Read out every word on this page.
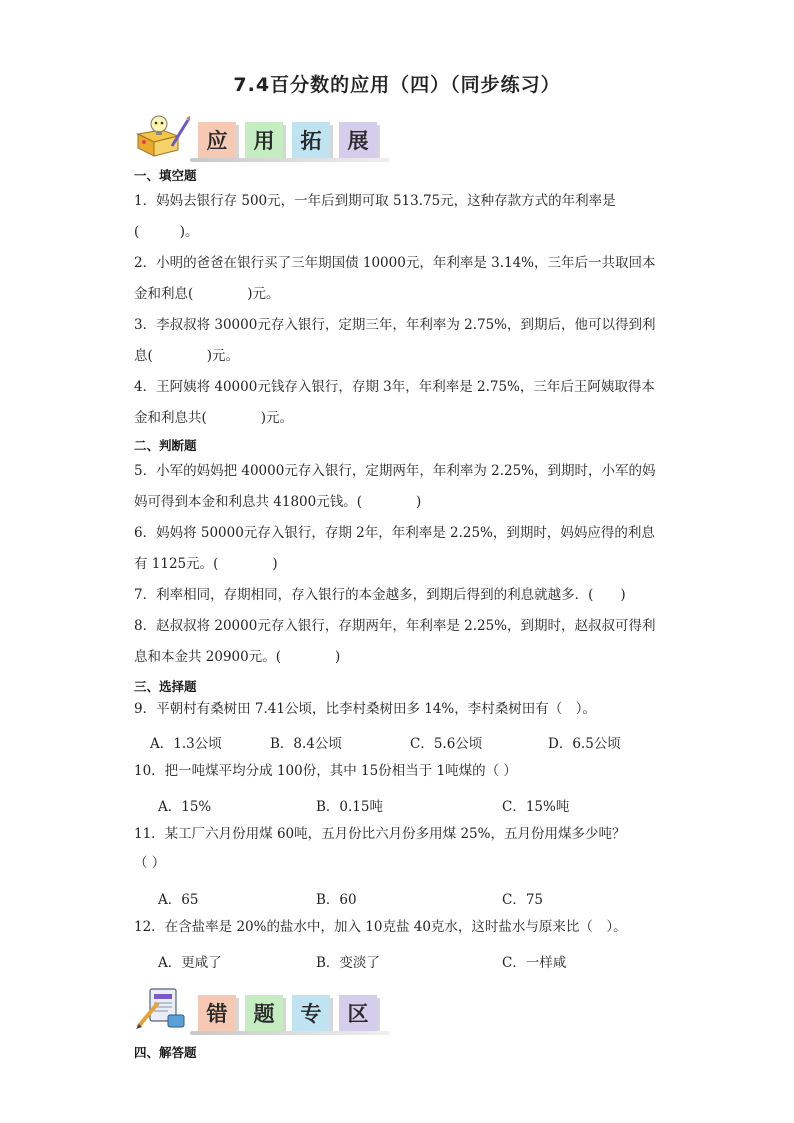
7.4百分数的应用（四）（同步练习）
应	用	拓	展
一、填空题
1．妈妈去银行存 500元，一年后到期可取 513.75元，这种存款方式的年利率是
(　　　)。
2．小明的爸爸在银行买了三年期国债 10000元，年利率是 3.14%，三年后一共取回本
金和利息(　　　　)元。
3．李叔叔将 30000元存入银行，定期三年，年利率为 2.75%，到期后，他可以得到利
息(　　　　)元。
4．王阿姨将 40000元钱存入银行，存期 3年，年利率是 2.75%，三年后王阿姨取得本
金和利息共(　　　　)元。
二、判断题
5．小军的妈妈把 40000元存入银行，定期两年，年利率为 2.25%，到期时，小军的妈
妈可得到本金和利息共 41800元钱。(　　　　)
6．妈妈将 50000元存入银行，存期 2年，年利率是 2.25%，到期时，妈妈应得的利息
有 1125元。(　　　　)
7．利率相同，存期相同，存入银行的本金越多，到期后得到的利息就越多．(　　)
8．赵叔叔将 20000元存入银行，存期两年，年利率是 2.25%，到期时，赵叔叔可得利
息和本金共 20900元。(　　　　)
三、选择题
9．平朝村有桑树田 7.41公顷，比李村桑树田多 14%，李村桑树田有（　）。
A．1.3公顷	B．8.4公顷	C．5.6公顷	D．6.5公顷
10．把一吨煤平均分成 100份，其中 15份相当于 1吨煤的（ ）
A．15%	B．0.15吨	C．15%吨
11．某工厂六月份用煤 60吨，五月份比六月份多用煤 25%，五月份用煤多少吨？
（ ）
A．65	B．60	C．75
12．在含盐率是 20%的盐水中，加入 10克盐 40克水，这时盐水与原来比（　）。
A．更咸了	B．变淡了	C．一样咸
错	题	专	区
四、解答题
